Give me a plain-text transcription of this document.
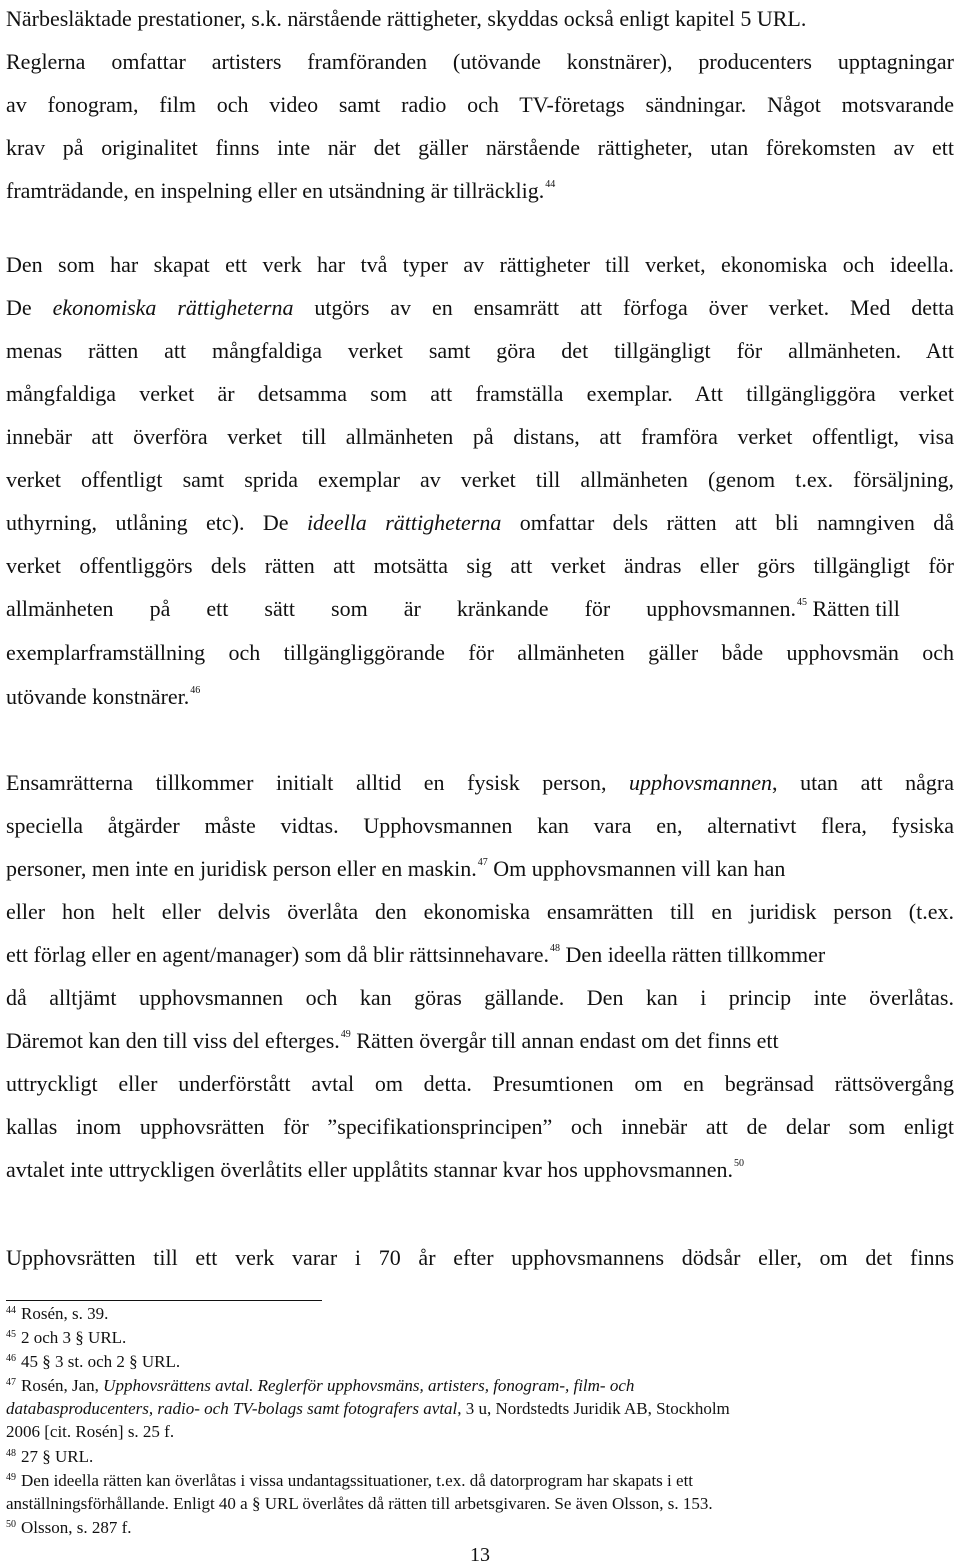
Närbesläktade prestationer, s.k. närstående rättigheter, skyddas också enligt kapitel 5 URL.
Reglerna omfattar artisters framföranden (utövande konstnärer), producenters upptagningar
av fonogram, film och video samt radio och TV-företags sändningar. Något motsvarande
krav på originalitet finns inte när det gäller närstående rättigheter, utan förekomsten av ett
framträdande, en inspelning eller en utsändning är tillräcklig.$^{44}$
Den som har skapat ett verk har två typer av rättigheter till verket, ekonomiska och ideella.
De ekonomiska rättigheterna utgörs av en ensamrätt att förfoga över verket. Med detta
menas rätten att mångfaldiga verket samt göra det tillgängligt för allmänheten. Att
mångfaldiga verket är detsamma som att framställa exemplar. Att tillgängliggöra verket
innebär att överföra verket till allmänheten på distans, att framföra verket offentligt, visa
verket offentligt samt sprida exemplar av verket till allmänheten (genom t.ex. försäljning,
uthyrning, utlåning etc). De ideella rättigheterna omfattar dels rätten att bli namngiven då
verket offentliggörs dels rätten att motsätta sig att verket ändras eller görs tillgängligt för
allmänheten på ett sätt som är kränkande för upphovsmannen.$^{45}$ Rätten till
exemplarframställning och tillgängliggörande för allmänheten gäller både upphovsmän och
utövande konstnärer.$^{46}$
Ensamrätterna tillkommer initialt alltid en fysisk person, upphovsmannen, utan att några
speciella åtgärder måste vidtas. Upphovsmannen kan vara en, alternativt flera, fysiska
personer, men inte en juridisk person eller en maskin.$^{47}$ Om upphovsmannen vill kan han
eller hon helt eller delvis överlåta den ekonomiska ensamrätten till en juridisk person (t.ex.
ett förlag eller en agent/manager) som då blir rättsinnehavare.$^{48}$ Den ideella rätten tillkommer
då alltjämt upphovsmannen och kan göras gällande. Den kan i princip inte överlåtas.
Däremot kan den till viss del efterges.$^{49}$ Rätten övergår till annan endast om det finns ett
uttryckligt eller underförstått avtal om detta. Presumtionen om en begränsad rättsövergång
kallas inom upphovsrätten för ”specifikationsprincipen” och innebär att de delar som enligt
avtalet inte uttryckligen överlåtits eller upplåtits stannar kvar hos upphovsmannen.$^{50}$
Upphovsrätten till ett verk varar i 70 år efter upphovsmannens dödsår eller, om det finns
$^{44}$ Rosén, s. 39.
$^{45}$ 2 och 3 § URL.
$^{46}$ 45 § 3 st. och 2 § URL.
$^{47}$ Rosén, Jan, Upphovsrättens avtal. Reglerför upphovsmäns, artisters, fonogram-, film- och
databasproducenters, radio- och TV-bolags samt fotografers avtal, 3 u, Nordstedts Juridik AB, Stockholm
2006 [cit. Rosén] s. 25 f.
$^{48}$ 27 § URL.
$^{49}$ Den ideella rätten kan överlåtas i vissa undantagssituationer, t.ex. då datorprogram har skapats i ett
anställningsförhållande. Enligt 40 a § URL överlåtes då rätten till arbetsgivaren. Se även Olsson, s. 153.
$^{50}$ Olsson, s. 287 f.
13
